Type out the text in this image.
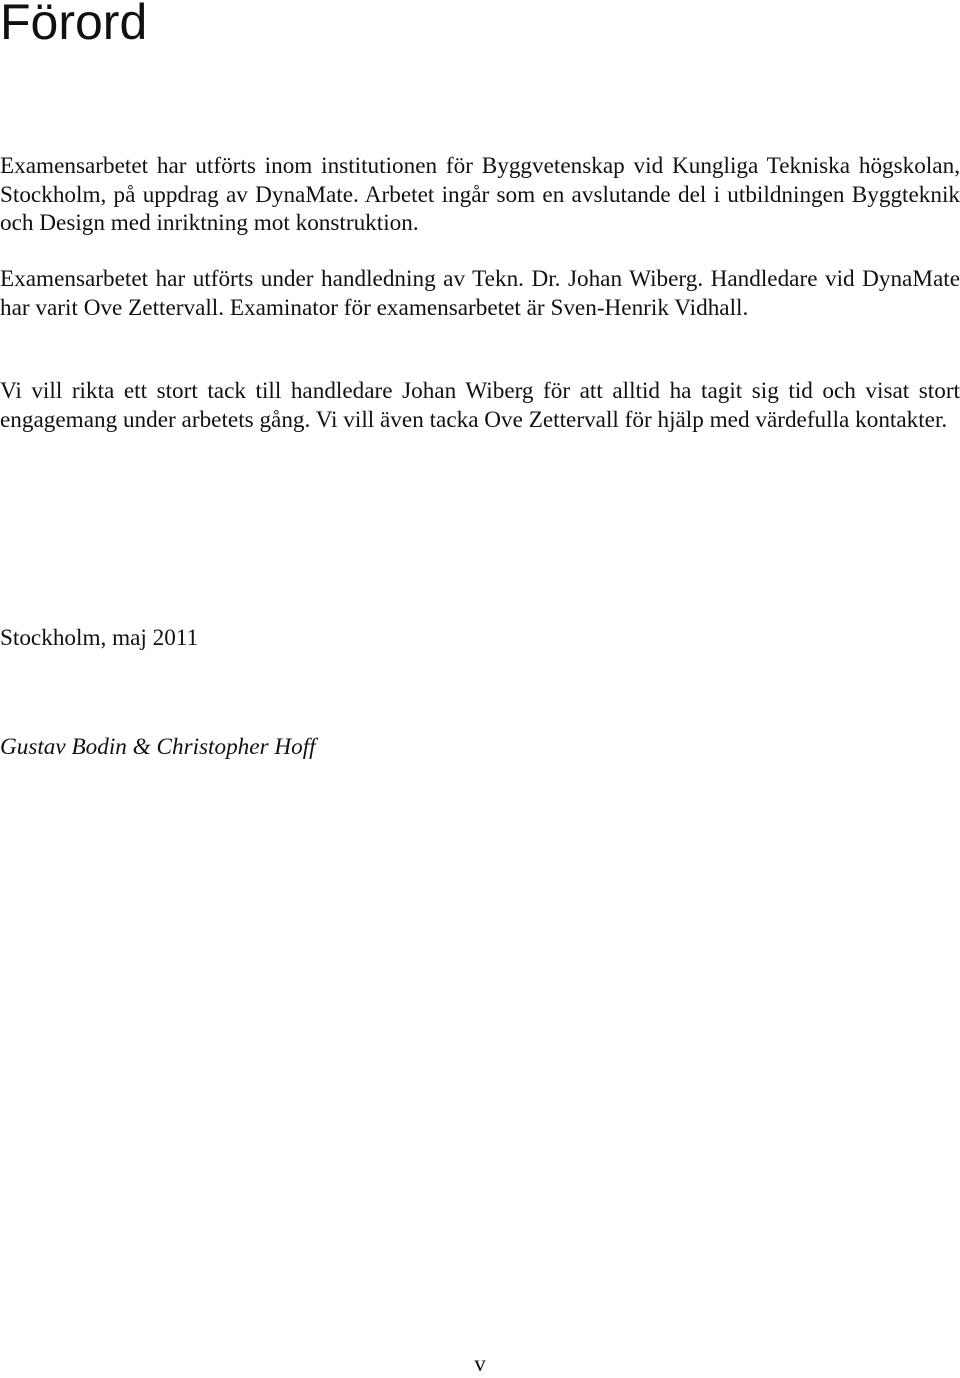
Förord

Examensarbetet har utförts inom institutionen för Byggvetenskap vid Kungliga Tekniska högskolan, Stockholm, på uppdrag av DynaMate. Arbetet ingår som en avslutande del i utbildningen Byggteknik och Design med inriktning mot konstruktion.

Examensarbetet har utförts under handledning av Tekn. Dr. Johan Wiberg. Handledare vid DynaMate har varit Ove Zettervall. Examinator för examensarbetet är Sven-Henrik Vidhall.

Vi vill rikta ett stort tack till handledare Johan Wiberg för att alltid ha tagit sig tid och visat stort engagemang under arbetets gång. Vi vill även tacka Ove Zettervall för hjälp med värdefulla kontakter.

Stockholm, maj 2011

Gustav Bodin & Christopher Hoff

v
